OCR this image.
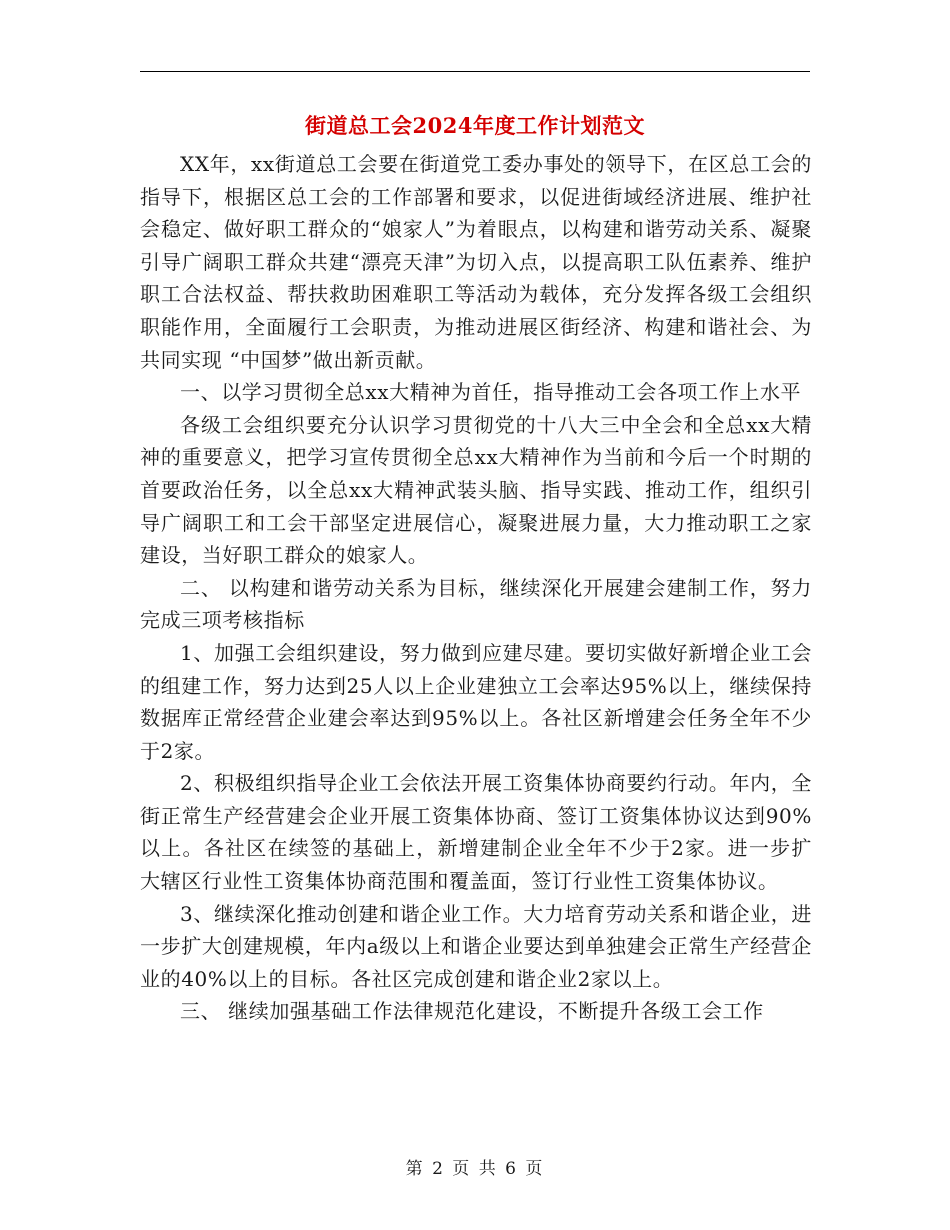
街道总工会2024年度工作计划范文

XX年，xx街道总工会要在街道党工委办事处的领导下，在区总工会的指导下，根据区总工会的工作部署和要求，以促进街域经济进展、维护社会稳定、做好职工群众的“娘家人”为着眼点，以构建和谐劳动关系、凝聚引导广阔职工群众共建“漂亮天津”为切入点，以提高职工队伍素养、维护职工合法权益、帮扶救助困难职工等活动为载体，充分发挥各级工会组织职能作用，全面履行工会职责，为推动进展区街经济、构建和谐社会、为共同实现 “中国梦”做出新贡献。

一、以学习贯彻全总xx大精神为首任，指导推动工会各项工作上水平

各级工会组织要充分认识学习贯彻党的十八大三中全会和全总xx大精神的重要意义，把学习宣传贯彻全总xx大精神作为当前和今后一个时期的首要政治任务，以全总xx大精神武装头脑、指导实践、推动工作，组织引导广阔职工和工会干部坚定进展信心，凝聚进展力量，大力推动职工之家建设，当好职工群众的娘家人。

二、 以构建和谐劳动关系为目标，继续深化开展建会建制工作，努力完成三项考核指标

1、加强工会组织建设，努力做到应建尽建。要切实做好新增企业工会的组建工作，努力达到25人以上企业建独立工会率达95%以上，继续保持数据库正常经营企业建会率达到95%以上。各社区新增建会任务全年不少于2家。

2、积极组织指导企业工会依法开展工资集体协商要约行动。年内，全街正常生产经营建会企业开展工资集体协商、签订工资集体协议达到90%以上。各社区在续签的基础上，新增建制企业全年不少于2家。进一步扩大辖区行业性工资集体协商范围和覆盖面，签订行业性工资集体协议。

3、继续深化推动创建和谐企业工作。大力培育劳动关系和谐企业，进一步扩大创建规模，年内a级以上和谐企业要达到单独建会正常生产经营企业的40%以上的目标。各社区完成创建和谐企业2家以上。

三、 继续加强基础工作法律规范化建设，不断提升各级工会工作

第 2 页 共 6 页
